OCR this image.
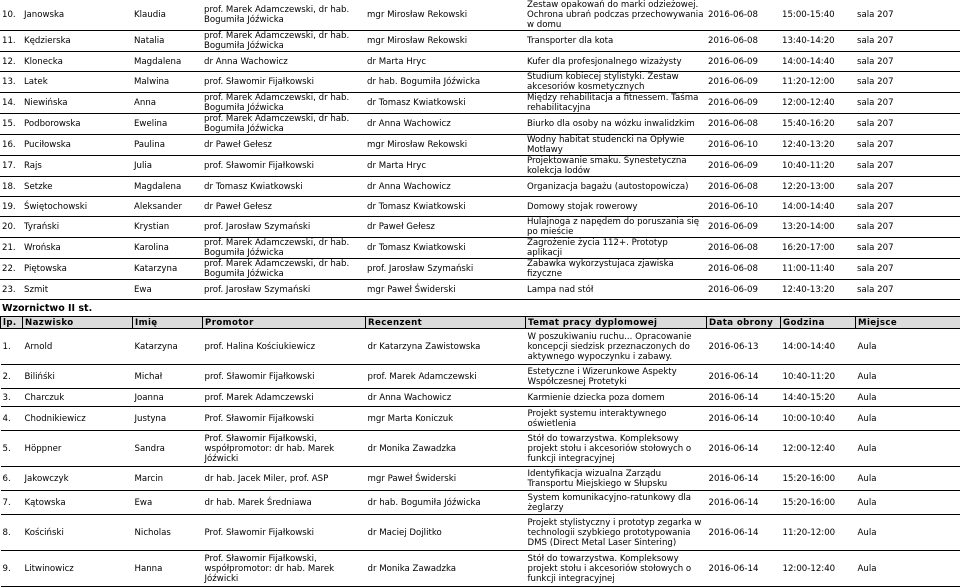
10.	Janowska	Klaudia	prof. Marek Adamczewski, dr hab. Bogumiła Jóźwicka	mgr Mirosław Rekowski	Zestaw opakowań do marki odzieżowej. Ochrona ubrań podczas przechowywania w domu	2016-06-08	15:00-15:40	sala 207
11.	Kędzierska	Natalia	prof. Marek Adamczewski, dr hab. Bogumiła Jóźwicka	mgr Mirosław Rekowski	Transporter dla kota	2016-06-08	13:40-14:20	sala 207
12.	Klonecka	Magdalena	dr Anna Wachowicz	dr Marta Hryc	Kufer dla profesjonalnego wizażysty	2016-06-09	14:00-14:40	sala 207
13.	Latek	Malwina	prof. Sławomir Fijałkowski	dr hab. Bogumiła Jóźwicka	Studium kobiecej stylistyki. Zestaw akcesoriów kosmetycznych	2016-06-09	11:20-12:00	sala 207
14.	Niewińska	Anna	prof. Marek Adamczewski, dr hab. Bogumiła Jóźwicka	dr Tomasz Kwiatkowski	Między rehabilitacja a fitnessem. Taśma rehabilitacyjna	2016-06-09	12:00-12:40	sala 207
15.	Podborowska	Ewelina	prof. Marek Adamczewski, dr hab. Bogumiła Jóźwicka	dr Anna Wachowicz	Biurko dla osoby na wózku inwalidzkim	2016-06-08	15:40-16:20	sala 207
16.	Puciłowska	Paulina	dr Paweł Gełesz	mgr Mirosław Rekowski	Wodny habitat studencki na Opływie Motławy	2016-06-10	12:40-13:20	sala 207
17.	Rajs	Julia	prof. Sławomir Fijałkowski	dr Marta Hryc	Projektowanie smaku. Synestetyczna kolekcja lodów	2016-06-09	10:40-11:20	sala 207
18.	Setzke	Magdalena	dr Tomasz Kwiatkowski	dr Anna Wachowicz	Organizacja bagażu (autostopowicza)	2016-06-08	12:20-13:00	sala 207
19.	Świętochowski	Aleksander	dr Paweł Gełesz	dr Tomasz Kwiatkowski	Domowy stojak rowerowy	2016-06-10	14:00-14:40	sala 207
20.	Tyrański	Krystian	prof. Jarosław Szymański	dr Paweł Gełesz	Hulajnoga z napędem do poruszania się po mieście	2016-06-09	13:20-14:00	sala 207
21.	Wrońska	Karolina	prof. Marek Adamczewski, dr hab. Bogumiła Jóźwicka	dr Tomasz Kwiatkowski	Zagrożenie życia 112+. Prototyp aplikacji	2016-06-08	16:20-17:00	sala 207
22.	Piętowska	Katarzyna	prof. Marek Adamczewski, dr hab. Bogumiła Jóźwicka	prof. Jarosław Szymański	Zabawka wykorzystujaca zjawiska fizyczne	2016-06-08	11:00-11:40	sala 207
23.	Szmit	Ewa	prof. Jarosław Szymański	mgr Paweł Świderski	Lampa nad stół	2016-06-09	12:40-13:20	sala 207
Wzornictwo II st.
lp.	Nazwisko	Imię	Promotor	Recenzent	Temat pracy dyplomowej	Data obrony	Godzina	Miejsce
1.	Arnold	Katarzyna	prof. Halina Kościukiewicz	dr Katarzyna Zawistowska	W poszukiwaniu ruchu... Opracowanie koncepcji siedzisk przeznaczonych do aktywnego wypoczynku i zabawy.	2016-06-13	14:00-14:40	Aula
2.	Bilińśki	Michał	prof. Sławomir Fijałkowski	prof. Marek Adamczewski	Estetyczne i Wizerunkowe Aspekty Współczesnej Protetyki	2016-06-14	10:40-11:20	Aula
3.	Charczuk	Joanna	prof. Marek Adamczewski	dr Anna Wachowicz	Karmienie dziecka poza domem	2016-06-14	14:40-15:20	Aula
4.	Chodnikiewicz	Justyna	Prof. Sławomir Fijałkowski	mgr Marta Koniczuk	Projekt systemu interaktywnego oświetlenia	2016-06-14	10:00-10:40	Aula
5.	Höppner	Sandra	Prof. Sławomir Fijałkowski, współpromotor: dr hab. Marek Jóźwicki	dr Monika Zawadzka	Stół do towarzystwa. Kompleksowy projekt stołu i akcesoriów stołowych o funkcji integracyjnej	2016-06-14	12:00-12:40	Aula
6.	Jakowczyk	Marcin	dr hab. Jacek Miler, prof. ASP	mgr Paweł Świderski	Identyfikacja wizualna Zarządu Transportu Miejskiego w Słupsku	2016-06-14	15:20-16:00	Aula
7.	Kątowska	Ewa	dr hab. Marek Średniawa	dr hab. Bogumiła Jóźwicka	System komunikacyjno-ratunkowy dla żeglarzy	2016-06-14	15:20-16:00	Aula
8.	Kościński	Nicholas	Prof. Sławomir Fijałkowski	dr Maciej Dojlitko	Projekt stylistyczny i prototyp zegarka w technologii szybkiego prototypowania DMS (Direct Metal Laser Sintering)	2016-06-14	11:20-12:00	Aula
9.	Litwinowicz	Hanna	Prof. Sławomir Fijałkowski, współpromotor: dr hab. Marek Jóźwicki	dr Monika Zawadzka	Stół do towarzystwa. Kompleksowy projekt stołu i akcesoriów stołowych o funkcji integracyjnej	2016-06-14	12:00-12:40	Aula
